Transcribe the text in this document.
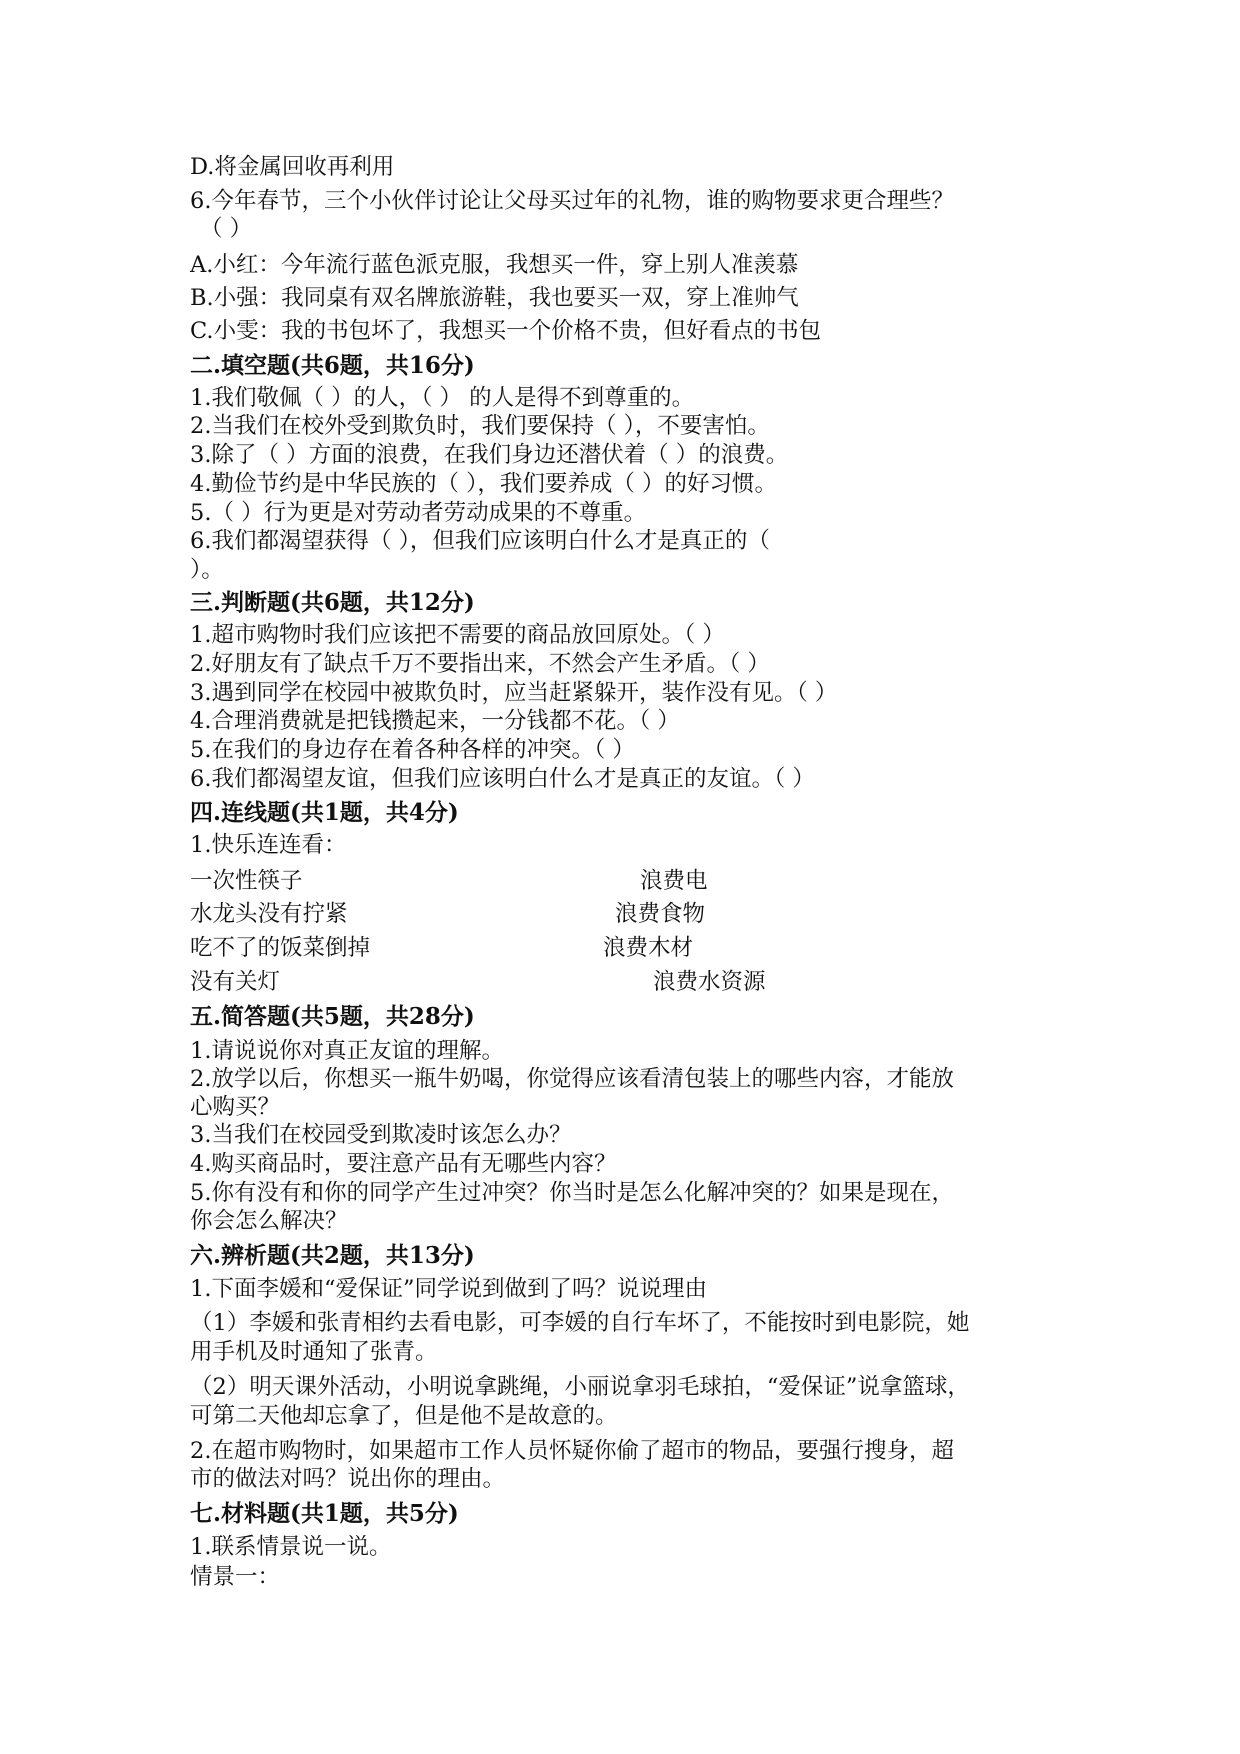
D.将金属回收再利用
6.今年春节，三个小伙伴讨论让父母买过年的礼物，谁的购物要求更合理些？
（ ）
A.小红：今年流行蓝色派克服，我想买一件，穿上别人准羡慕
B.小强：我同桌有双名牌旅游鞋，我也要买一双，穿上准帅气
C.小雯：我的书包坏了，我想买一个价格不贵，但好看点的书包
二.填空题(共6题，共16分)
1.我们敬佩（ ）的人，（ ） 的人是得不到尊重的。
2.当我们在校外受到欺负时，我们要保持（ ），不要害怕。
3.除了（ ）方面的浪费，在我们身边还潜伏着（ ）的浪费。
4.勤俭节约是中华民族的（ ），我们要养成（ ）的好习惯。
5.（ ）行为更是对劳动者劳动成果的不尊重。
6.我们都渴望获得（ ），但我们应该明白什么才是真正的（
）。
三.判断题(共6题，共12分)
1.超市购物时我们应该把不需要的商品放回原处。（ ）
2.好朋友有了缺点千万不要指出来，不然会产生矛盾。（ ）
3.遇到同学在校园中被欺负时，应当赶紧躲开，装作没有见。（ ）
4.合理消费就是把钱攒起来，一分钱都不花。（ ）
5.在我们的身边存在着各种各样的冲突。（ ）
6.我们都渴望友谊，但我们应该明白什么才是真正的友谊。（ ）
四.连线题(共1题，共4分)
1.快乐连连看：
一次性筷子	浪费电
水龙头没有拧紧	浪费食物
吃不了的饭菜倒掉	浪费木材
没有关灯	浪费水资源
五.简答题(共5题，共28分)
1.请说说你对真正友谊的理解。
2.放学以后，你想买一瓶牛奶喝，你觉得应该看清包装上的哪些内容，才能放
心购买？
3.当我们在校园受到欺凌时该怎么办？
4.购买商品时，要注意产品有无哪些内容？
5.你有没有和你的同学产生过冲突？你当时是怎么化解冲突的？如果是现在，
你会怎么解决？
六.辨析题(共2题，共13分)
1.下面李媛和“爱保证”同学说到做到了吗？说说理由
（1）李媛和张青相约去看电影，可李媛的自行车坏了，不能按时到电影院，她
用手机及时通知了张青。
（2）明天课外活动，小明说拿跳绳，小丽说拿羽毛球拍，“爱保证”说拿篮球，
可第二天他却忘拿了，但是他不是故意的。
2.在超市购物时，如果超市工作人员怀疑你偷了超市的物品，要强行搜身，超
市的做法对吗？说出你的理由。
七.材料题(共1题，共5分)
1.联系情景说一说。
情景一：
